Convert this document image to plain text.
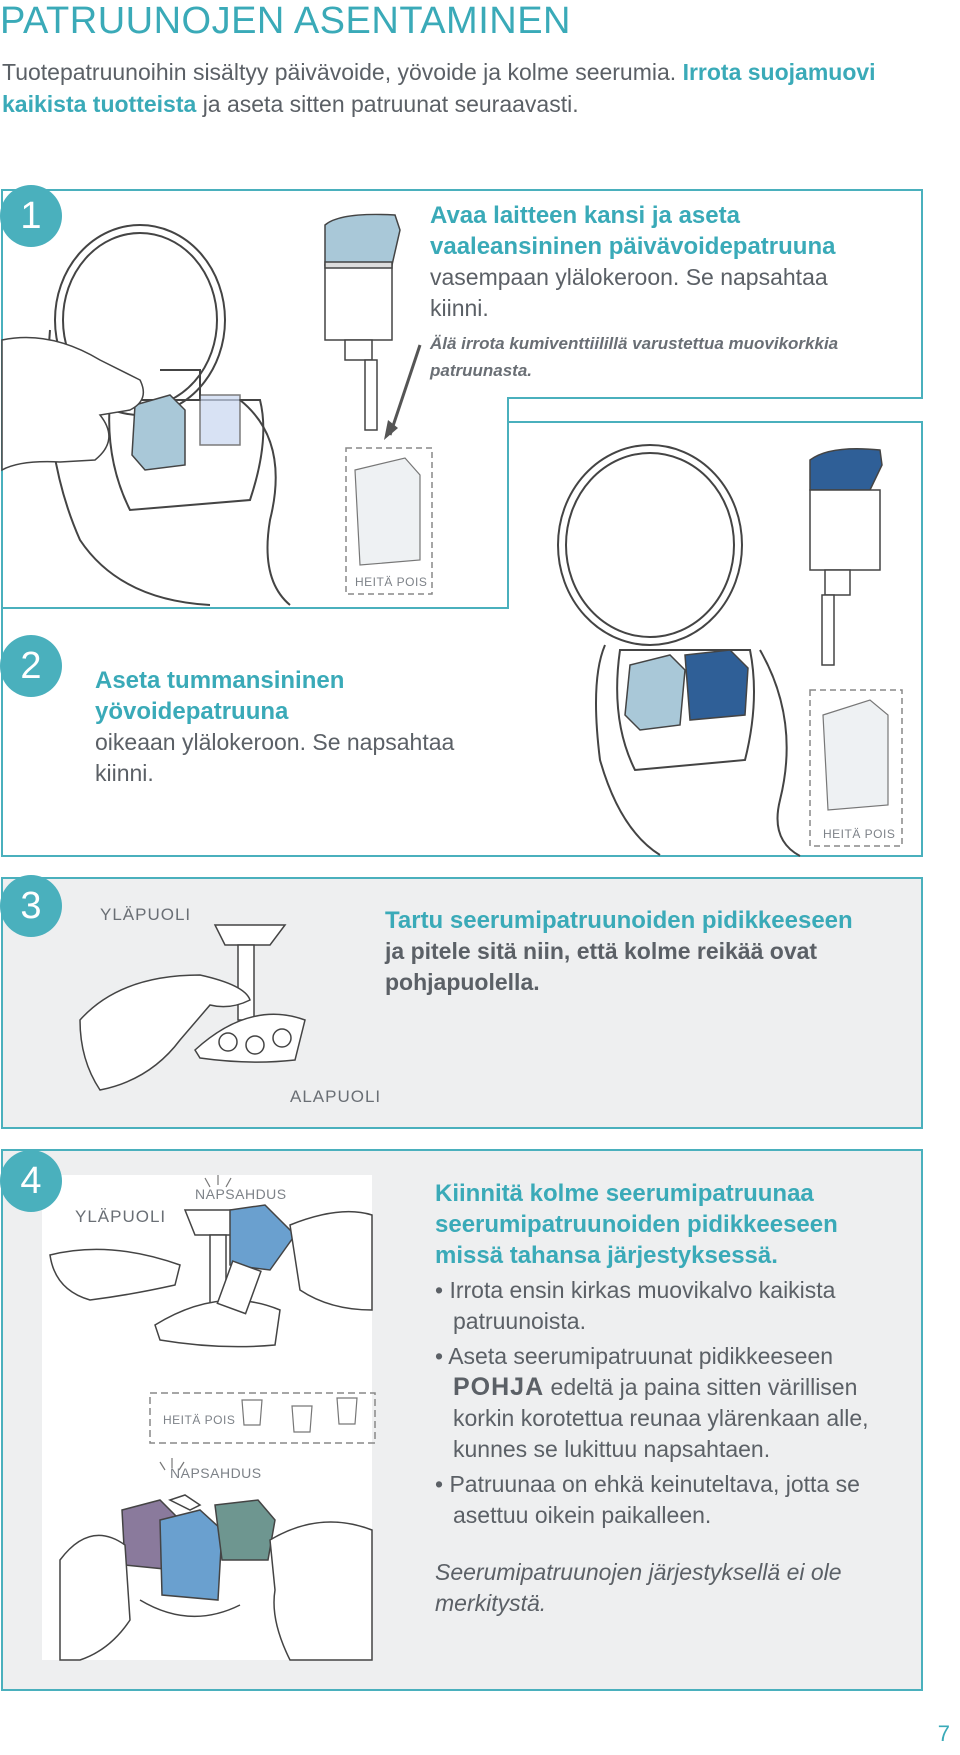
PATRUUNOJEN ASENTAMINEN
Tuotepatruunoihin sisältyy päivävoide, yövoide ja kolme seerumia. Irrota suojamuovi kaikista tuotteista ja aseta sitten patruunat seuraavasti.
1	Avaa laitteen kansi ja aseta vaaleansininen päivävoidepatruuna
vasempaan ylälokeroon. Se napsahtaa kiinni.
Älä irrota kumiventtiilillä varustettua muovikorkkia patruunasta.
HEITÄ POIS
2	Aseta tummansininen yövoidepatruuna
oikeaan ylälokeroon. Se napsahtaa kiinni.
HEITÄ POIS
3	YLÄPUOLI
ALAPUOLI
Tartu seerumipatruunoiden pidikkeeseen
ja pitele sitä niin, että kolme reikää ovat pohjapuolella.
4
YLÄPUOLI
NAPSAHDUS
HEITÄ POIS
NAPSAHDUS
Kiinnitä kolme seerumipatruunaa seerumipatruunoiden pidikkeeseen missä tahansa järjestyksessä.
• Irrota ensin kirkas muovikalvo kaikista patruunoista.
• Aseta seerumipatruunat pidikkeeseen POHJA edeltä ja paina sitten värillisen korkin korotettua reunaa ylärenkaan alle, kunnes se lukittuu napsahtaen.
• Patruunaa on ehkä keinuteltava, jotta se asettuu oikein paikalleen.
Seerumipatruunojen järjestyksellä ei ole merkitystä.
7
